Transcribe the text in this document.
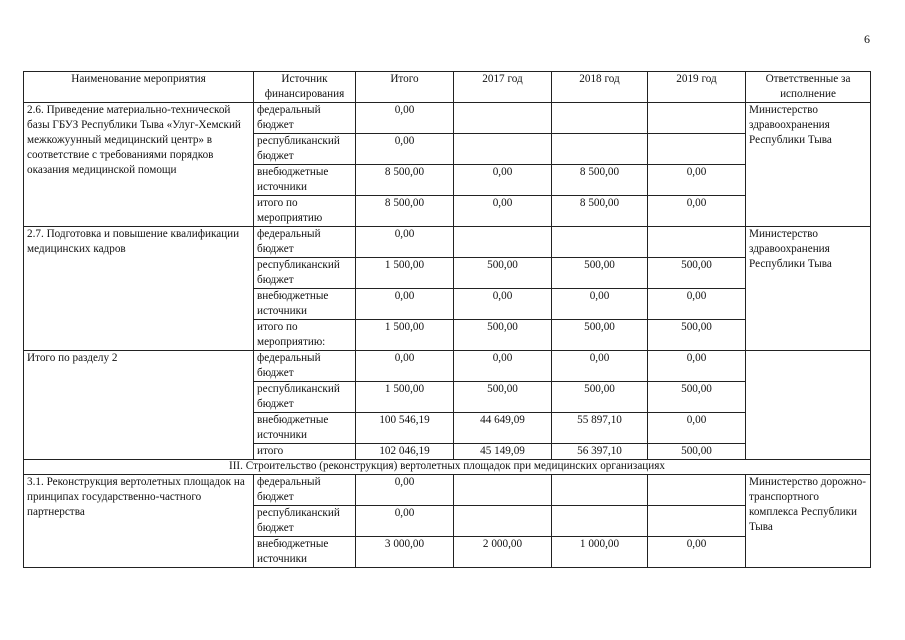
6
Наименование мероприятия	Источник финансирования	Итого	2017 год	2018 год	2019 год	Ответственные за исполнение
2.6. Приведение материально-технической базы ГБУЗ Республики Тыва «Улуг-Хемский межкожуунный медицинский центр» в соответствие с требованиями порядков оказания медицинской помощи	федеральный бюджет	0,00				Министерство здравоохранения Республики Тыва
	республиканский бюджет	0,00				
	внебюджетные источники	8 500,00	0,00	8 500,00	0,00	
	итого по мероприятию	8 500,00	0,00	8 500,00	0,00	
2.7. Подготовка и повышение квалификации медицинских кадров	федеральный бюджет	0,00				Министерство здравоохранения Республики Тыва
	республиканский бюджет	1 500,00	500,00	500,00	500,00	
	внебюджетные источники	0,00	0,00	0,00	0,00	
	итого по мероприятию:	1 500,00	500,00	500,00	500,00	
Итого по разделу 2	федеральный бюджет	0,00	0,00	0,00	0,00	
	республиканский бюджет	1 500,00	500,00	500,00	500,00	
	внебюджетные источники	100 546,19	44 649,09	55 897,10	0,00	
	итого	102 046,19	45 149,09	56 397,10	500,00	
III. Строительство (реконструкция) вертолетных площадок при медицинских организациях						
3.1. Реконструкция вертолетных площадок на принципах государственно-частного партнерства	федеральный бюджет	0,00				Министерство дорожно-транспортного комплекса Республики Тыва
	республиканский бюджет	0,00				
	внебюджетные источники	3 000,00	2 000,00	1 000,00	0,00	
